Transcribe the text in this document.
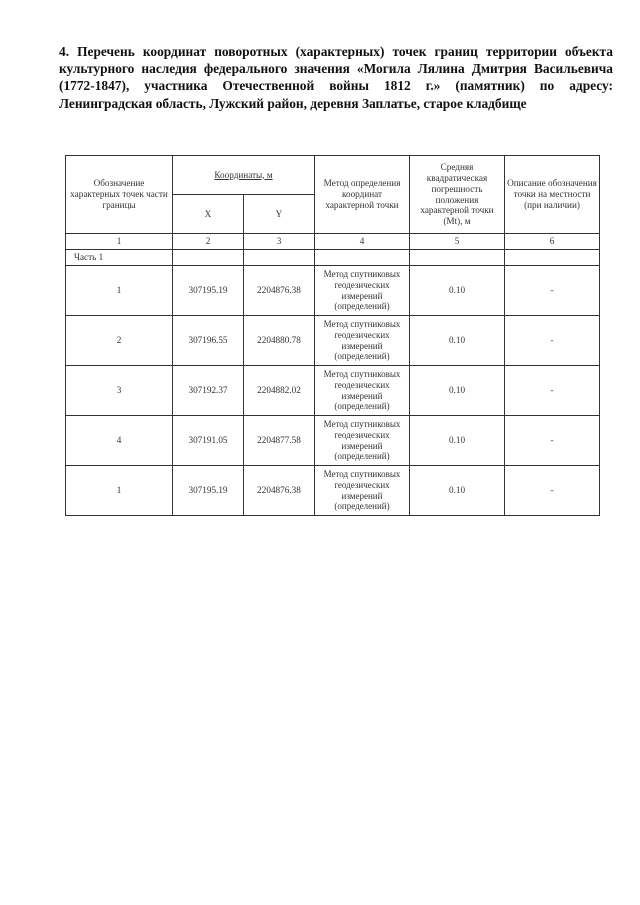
4. Перечень координат поворотных (характерных) точек границ территории объекта культурного наследия федерального значения «Могила Лялина Дмитрия Васильевича (1772-1847), участника Отечественной войны 1812 г.» (памятник) по адресу: Ленинградская область, Лужский район, деревня Заплатье, старое кладбище

Обозначение характерных точек части границы	Координаты, м		Метод определения координат характерной точки	Средняя квадратическая погрешность положения характерной точки (Mt), м	Описание обозначения точки на местности (при наличии)
	X	Y			
1	2	3	4	5	6
Часть 1					
1	307195.19	2204876.38	Метод спутниковых геодезических измерений (определений)	0.10	-
2	307196.55	2204880.78	Метод спутниковых геодезических измерений (определений)	0.10	-
3	307192.37	2204882.02	Метод спутниковых геодезических измерений (определений)	0.10	-
4	307191.05	2204877.58	Метод спутниковых геодезических измерений (определений)	0.10	-
1	307195.19	2204876.38	Метод спутниковых геодезических измерений (определений)	0.10	-
